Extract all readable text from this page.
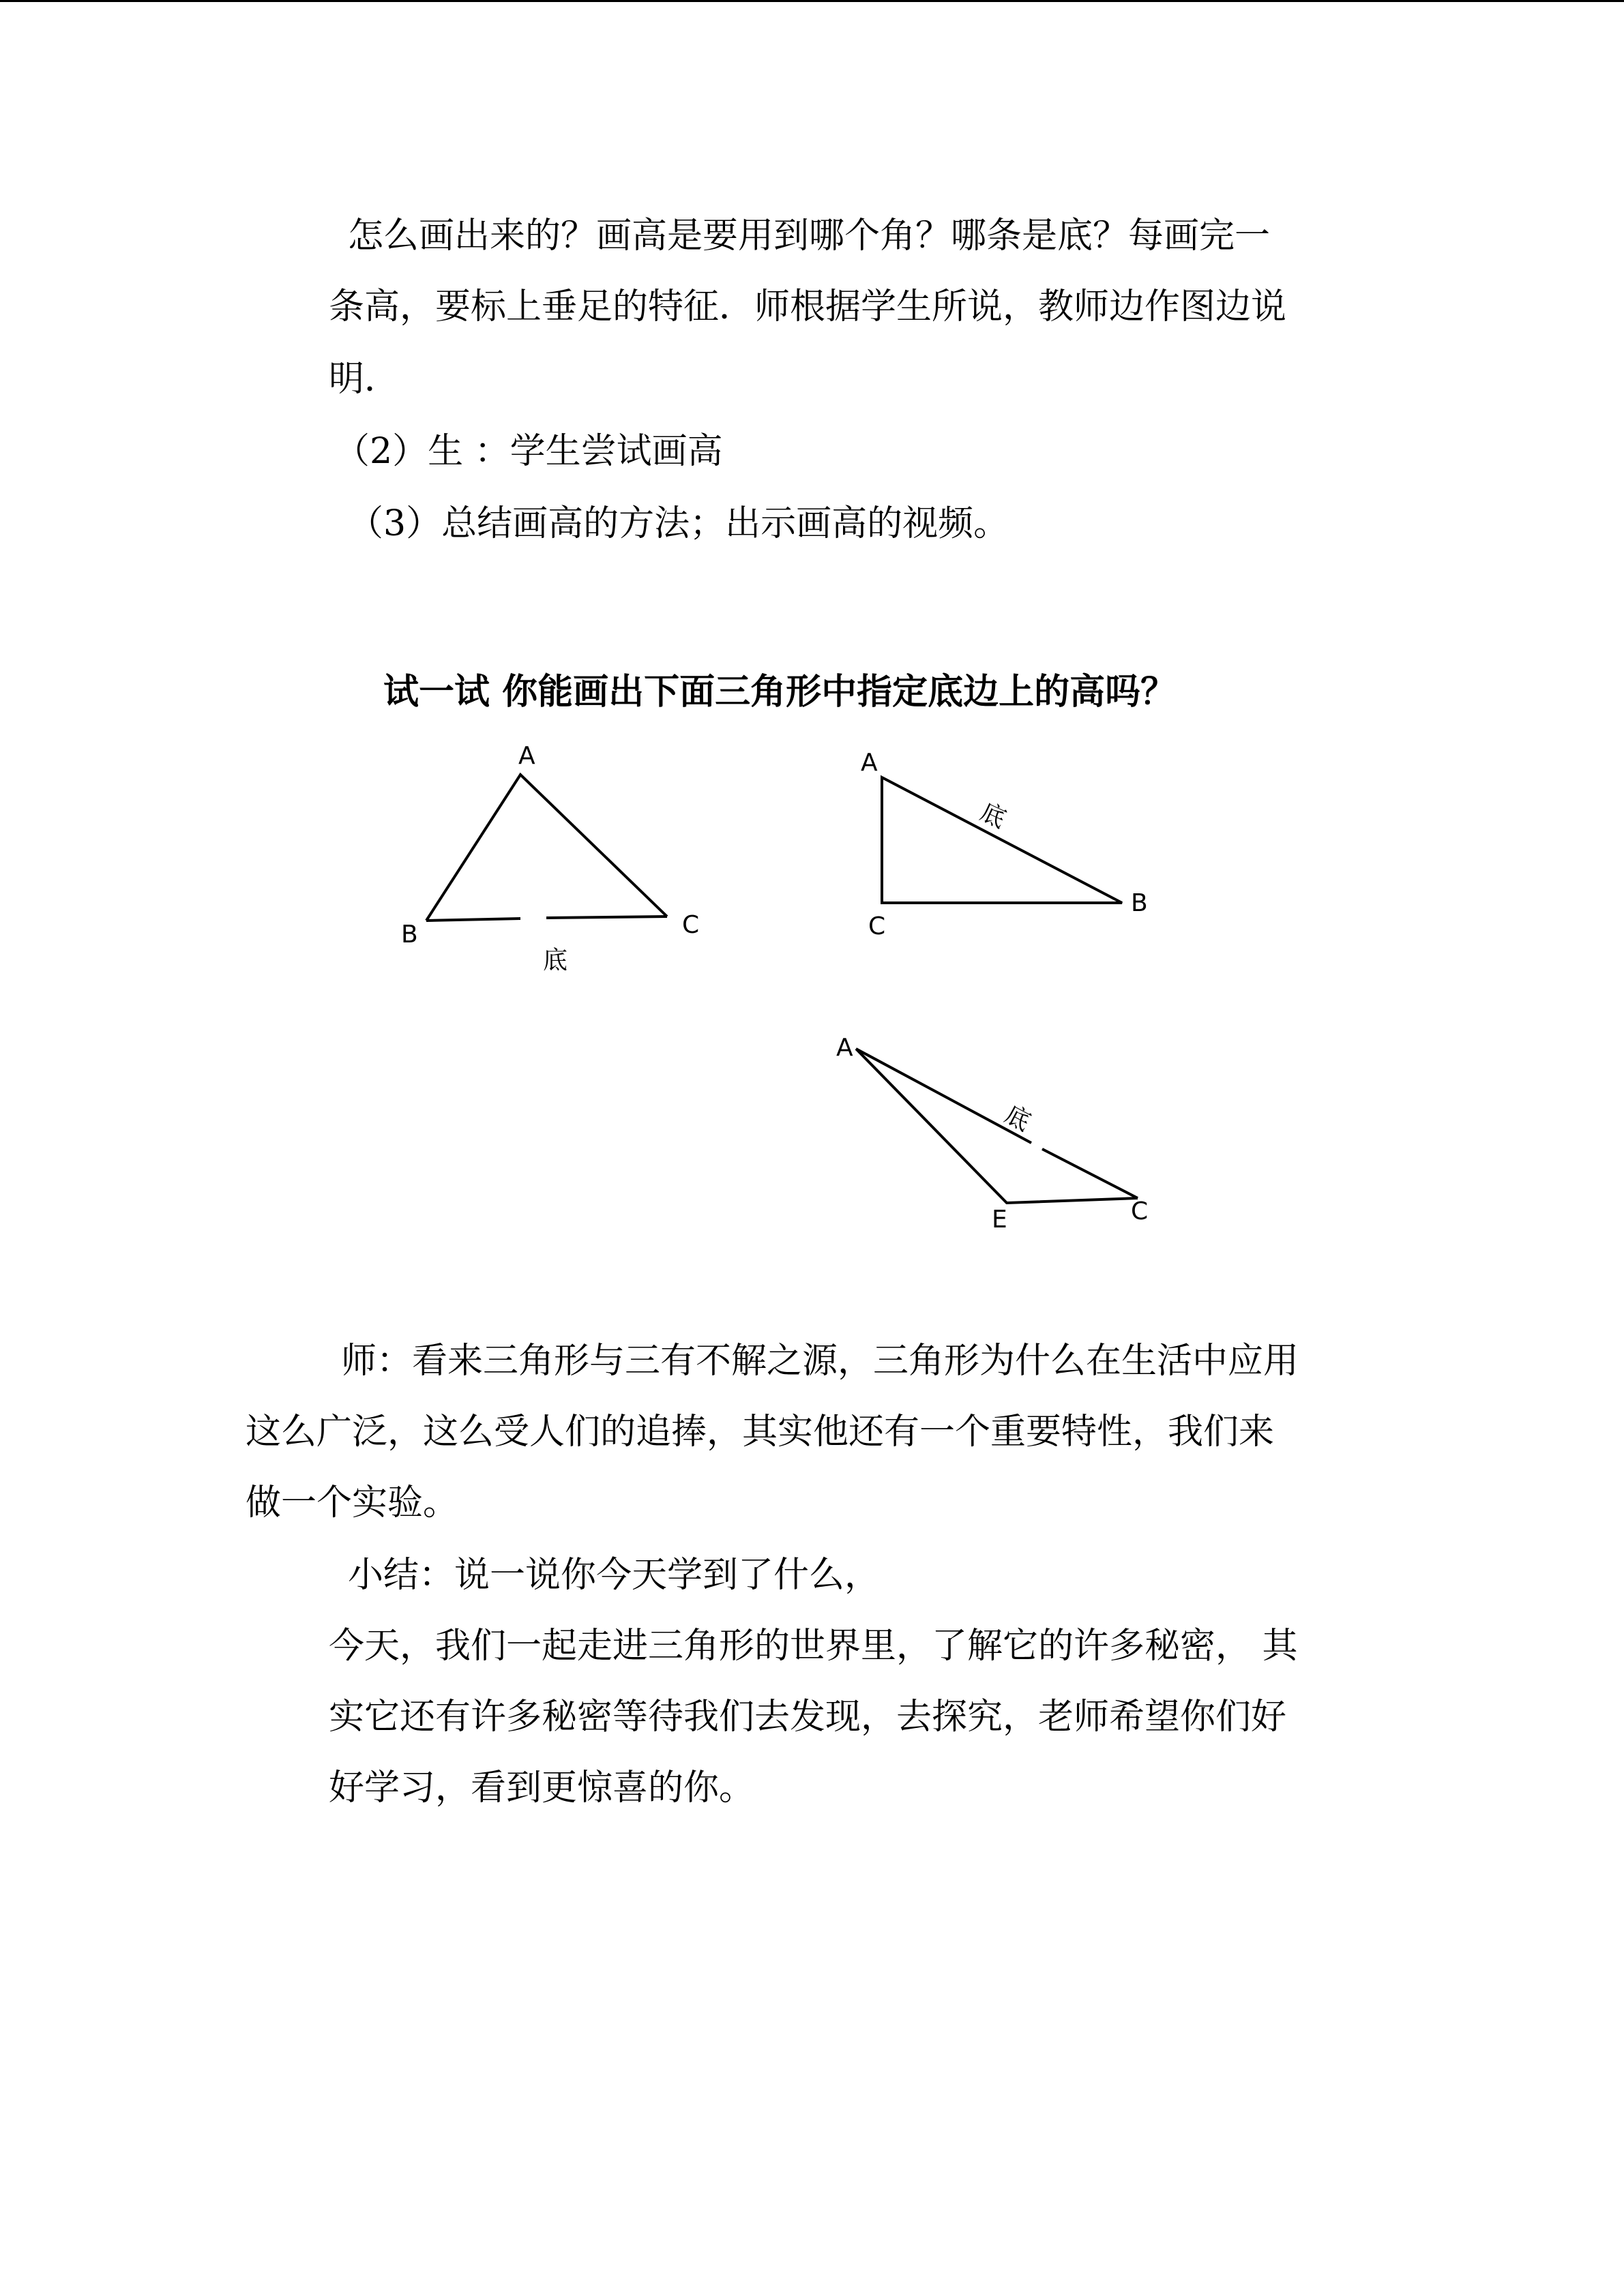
怎么画出来的？画高是要用到哪个角？哪条是底？每画完一

条高，要标上垂足的特征．师根据学生所说，教师边作图边说

明．

（2）生 ：学生尝试画高

（3）总结画高的方法；出示画高的视频。

试一试 你能画出下面三角形中指定底边上的高吗？

A
B	C
底
A
C
B
底
A
E	C
底

师：看来三角形与三有不解之源，三角形为什么在生活中应用

这么广泛，这么受人们的追捧，其实他还有一个重要特性，我们来

做一个实验。

小结：说一说你今天学到了什么，

今天，我们一起走进三角形的世界里，了解它的许多秘密， 其

实它还有许多秘密等待我们去发现，去探究，老师希望你们好

好学习，看到更惊喜的你。
